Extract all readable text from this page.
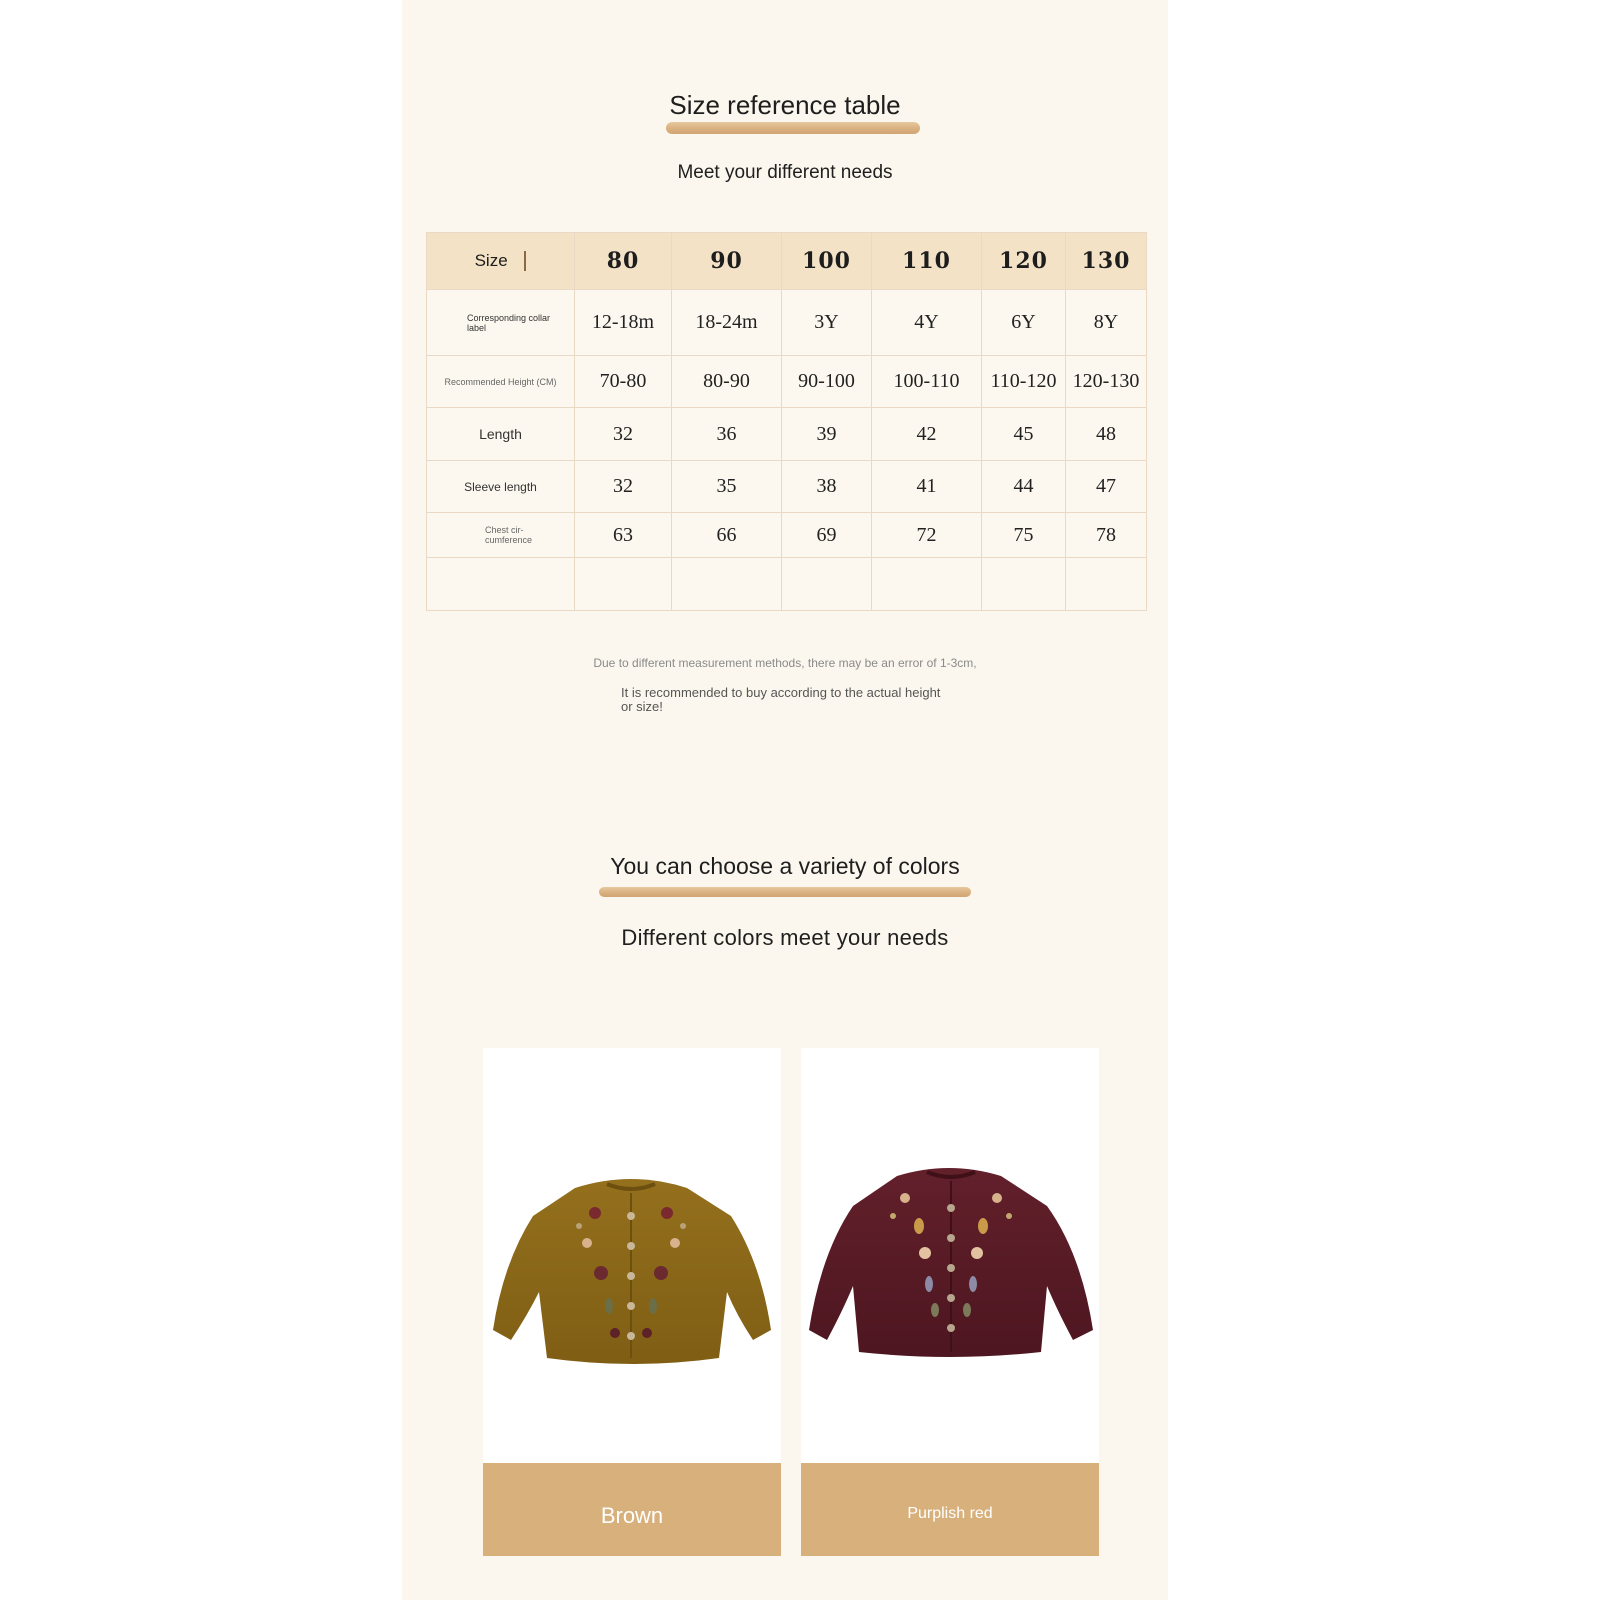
Size reference table
Meet your different needs
Size	80	90	100	110	120	130
Corresponding collar label	12-18m	18-24m	3Y	4Y	6Y	8Y
Recommended Height (CM)	70-80	80-90	90-100	100-110	110-120	120-130
Length	32	36	39	42	45	48
Sleeve length	32	35	38	41	44	47
Chest cir-cumference	63	66	69	72	75	78

Due to different measurement methods, there may be an error of 1-3cm,
It is recommended to buy according to the actual height or size!
You can choose a variety of colors
Different colors meet your needs
Brown	Purplish red
